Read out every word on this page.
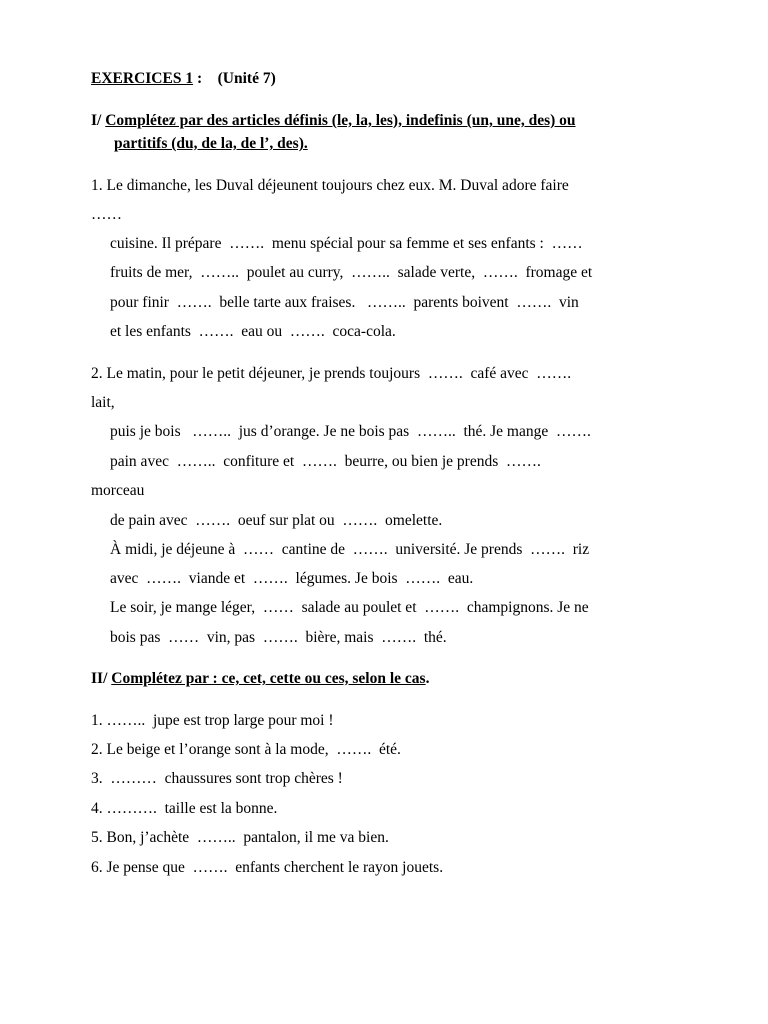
EXERCICES 1 :    (Unité 7)
I/ Complétez par des articles définis (le, la, les), indefinis (un, une, des) ou
partitifs (du, de la, de l’, des).
1. Le dimanche, les Duval déjeunent toujours chez eux. M. Duval adore faire
……
cuisine. Il prépare  …….  menu spécial pour sa femme et ses enfants :  ……
fruits de mer,  ……..  poulet au curry,  ……..  salade verte,  …….  fromage et
pour finir  …….  belle tarte aux fraises.   ……..  parents boivent  …….  vin
et les enfants  …….  eau ou  …….  coca-cola.
2. Le matin, pour le petit déjeuner, je prends toujours  …….  café avec  …….
lait,
puis je bois   ……..  jus d’orange. Je ne bois pas  ……..  thé. Je mange  …….
pain avec  ……..  confiture et  …….  beurre, ou bien je prends  …….
morceau
de pain avec  …….  oeuf sur plat ou  …….  omelette.
À midi, je déjeune à  ……  cantine de  …….  université. Je prends  …….  riz
avec  …….  viande et  …….  légumes. Je bois  …….  eau.
Le soir, je mange léger,  ……  salade au poulet et  …….  champignons. Je ne
bois pas  ……  vin, pas  …….  bière, mais  …….  thé.
II/ Complétez par : ce, cet, cette ou ces, selon le cas.
1. ……..  jupe est trop large pour moi !
2. Le beige et l’orange sont à la mode,  …….  été.
3.  ………  chaussures sont trop chères !
4. ……….  taille est la bonne.
5. Bon, j’achète  ……..  pantalon, il me va bien.
6. Je pense que  …….  enfants cherchent le rayon jouets.
